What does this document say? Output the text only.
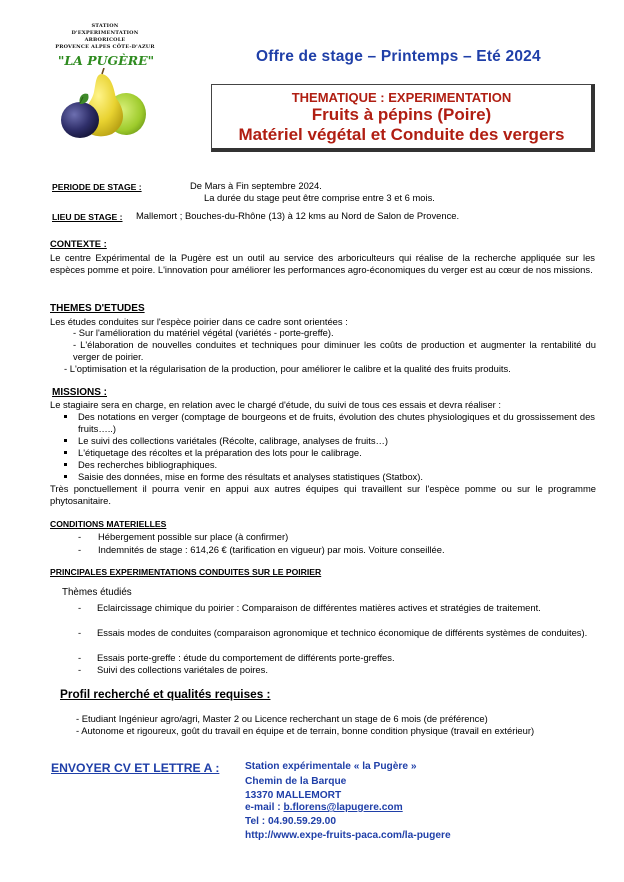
STATION
D'EXPERIMENTATION
ARBORICOLE
PROVENCE ALPES CÔTE-D'AZUR
"LA PUGÈRE"	Offre de stage – Printemps – Eté 2024
THEMATIQUE : EXPERIMENTATION
Fruits à pépins (Poire)
Matériel végétal et Conduite des vergers
PERIODE DE STAGE :	De Mars à Fin septembre 2024.
La durée du stage peut être comprise entre 3 et 6 mois.
LIEU DE STAGE : Mallemort ; Bouches-du-Rhône (13) à 12 kms au Nord de Salon de Provence.
CONTEXTE :
Le centre Expérimental de la Pugère est un outil au service des arboriculteurs qui réalise de la recherche appliquée sur les espèces pomme et poire. L'innovation pour améliorer les performances agro-économiques du verger est au cœur de nos missions.
THEMES D'ETUDES
Les études conduites sur l'espèce poirier dans ce cadre sont orientées :
- Sur l'amélioration du matériel végétal (variétés - porte-greffe).
- L'élaboration de nouvelles conduites et techniques pour diminuer les coûts de production et augmenter la rentabilité du verger de poirier.
- L'optimisation et la régularisation de la production, pour améliorer le calibre et la qualité des fruits produits.
MISSIONS :
Le stagiaire sera en charge, en relation avec le chargé d'étude, du suivi de tous ces essais et devra réaliser :
Des notations en verger (comptage de bourgeons et de fruits, évolution des chutes physiologiques et du grossissement des fruits…..)
Le suivi des collections variétales (Récolte, calibrage, analyses de fruits…)
L'étiquetage des récoltes et la préparation des lots pour le calibrage.
Des recherches bibliographiques.
Saisie des données, mise en forme des résultats et analyses statistiques (Statbox).
Très ponctuellement il pourra venir en appui aux autres équipes qui travaillent sur l'espèce pomme ou sur le programme phytosanitaire.
CONDITIONS MATERIELLES
- Hébergement possible sur place (à confirmer)
- Indemnités de stage : 614,26 € (tarification en vigueur) par mois. Voiture conseillée.
PRINCIPALES EXPERIMENTATIONS CONDUITES SUR LE POIRIER
Thèmes étudiés
- Eclaircissage chimique du poirier : Comparaison de différentes matières actives et stratégies de traitement.
- Essais modes de conduites (comparaison agronomique et technico économique de différents systèmes de conduites).
- Essais porte-greffe : étude du comportement de différents porte-greffes.
- Suivi des collections variétales de poires.
Profil recherché et qualités requises :
- Etudiant Ingénieur agro/agri, Master 2 ou Licence recherchant un stage de 6 mois (de préférence)
- Autonome et rigoureux, goût du travail en équipe et de terrain, bonne condition physique (travail en extérieur)
ENVOYER CV ET LETTRE A :	Station expérimentale « la Pugère »
Chemin de la Barque
13370 MALLEMORT
e-mail : b.florens@lapugere.com
Tel : 04.90.59.29.00
http://www.expe-fruits-paca.com/la-pugere
